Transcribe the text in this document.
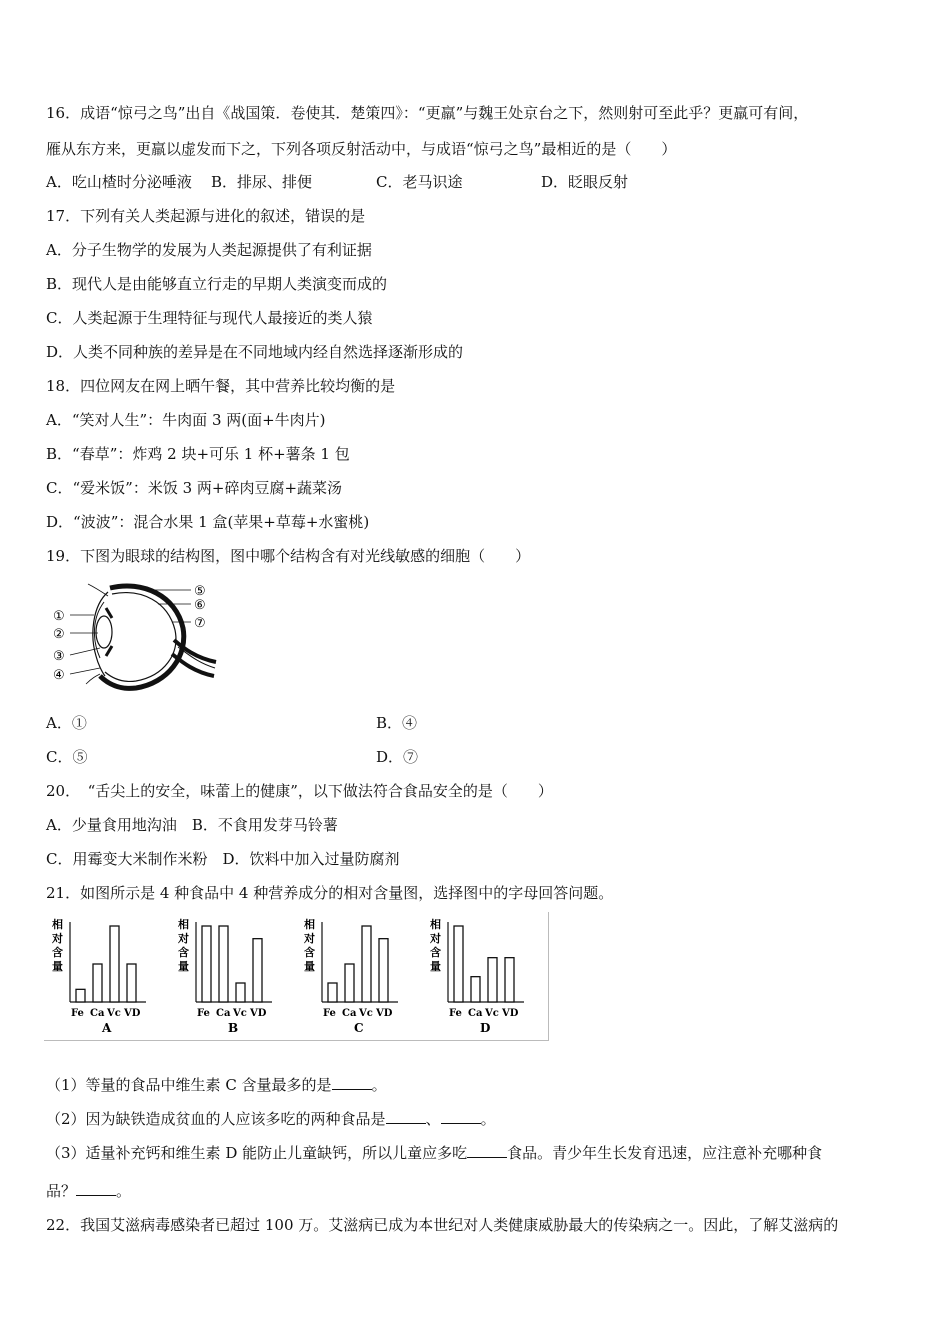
16．成语“惊弓之鸟”出自《战国策．卷使其．楚策四》：“更羸”与魏王处京台之下，然则射可至此乎？更羸可有间，
雁从东方来，更羸以虚发而下之，下列各项反射活动中，与成语“惊弓之鸟”最相近的是（　　）
A．吃山楂时分泌唾液 B．排尿、排便	C．老马识途	D．眨眼反射
17．下列有关人类起源与进化的叙述，错误的是
A．分子生物学的发展为人类起源提供了有利证据
B．现代人是由能够直立行走的早期人类演变而成的
C．人类起源于生理特征与现代人最接近的类人猿
D．人类不同种族的差异是在不同地域内经自然选择逐渐形成的
18．四位网友在网上晒午餐，其中营养比较均衡的是
A．“笑对人生”：牛肉面 3 两(面+牛肉片)
B．“春草”：炸鸡 2 块+可乐 1 杯+薯条 1 包
C．“爱米饭”：米饭 3 两+碎肉豆腐+蔬菜汤
D．“波波”：混合水果 1 盒(苹果+草莓+水蜜桃)
19．下图为眼球的结构图，图中哪个结构含有对光线敏感的细胞（　　）
①
②
③
④
⑤
⑥
⑦
A．①	B．④
C．⑤	D．⑦
20．　“舌尖上的安全，味蕾上的健康”，以下做法符合食品安全的是（　　）
A．少量食用地沟油　B．不食用发芽马铃薯
C．用霉变大米制作米粉　D．饮料中加入过量防腐剂
21．如图所示是 4 种食品中 4 种营养成分的相对含量图，选择图中的字母回答问题。
相
对
含
量
Fe Ca Vc VD
A
相
对
含
量
Fe Ca Vc VD
B
相
对
含
量
Fe Ca Vc VD
C
相
对
含
量
Fe Ca Vc VD
D
（1）等量的食品中维生素 C 含量最多的是	。
（2）因为缺铁造成贫血的人应该多吃的两种食品是	、	。
（3）适量补充钙和维生素 D 能防止儿童缺钙，所以儿童应多吃	食品。青少年生长发育迅速，应注意补充哪种食
品？	。
22．我国艾滋病毒感染者已超过 100 万。艾滋病已成为本世纪对人类健康威胁最大的传染病之一。因此，了解艾滋病的
